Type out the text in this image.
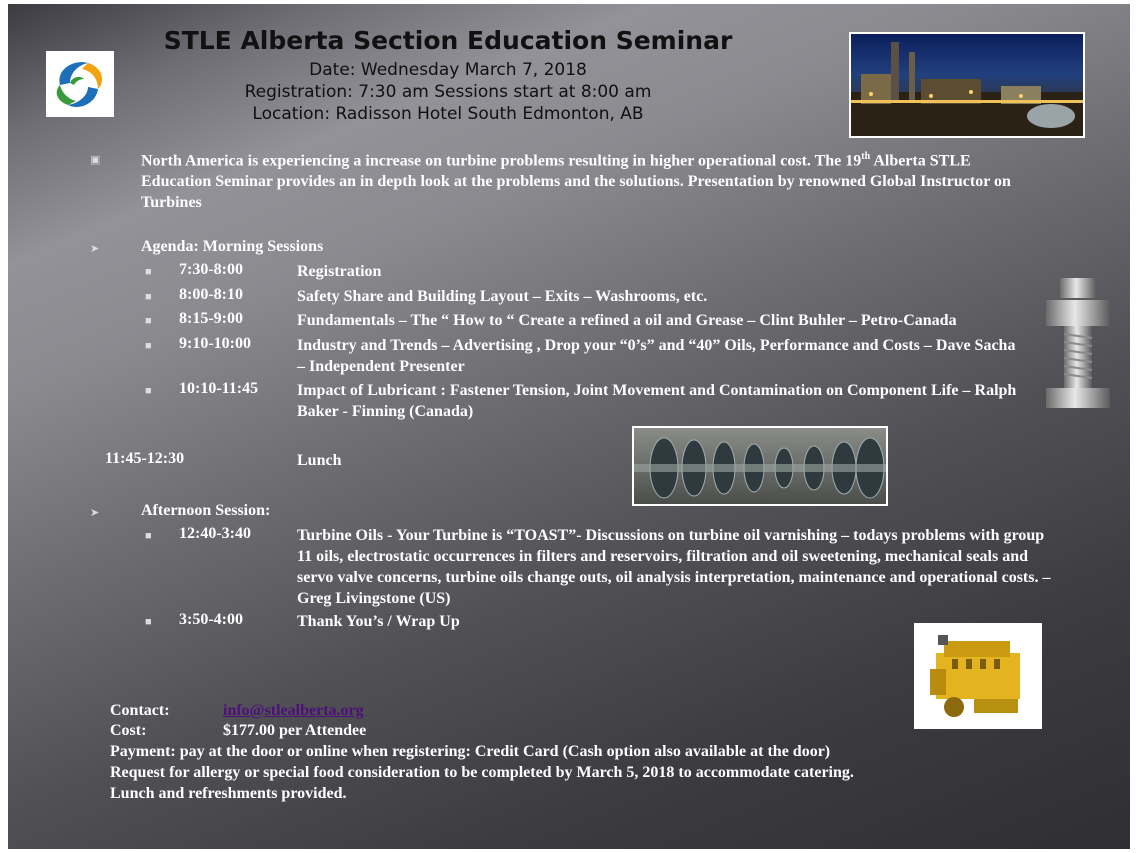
STLE Alberta Section Education Seminar
Date: Wednesday March 7, 2018
Registration: 7:30 am Sessions start at 8:00 am
Location: Radisson Hotel South Edmonton, AB
▣	North America is experiencing a increase on turbine problems resulting in higher operational cost. The 19th Alberta STLE Education Seminar provides an in depth look at the problems and the solutions. Presentation by renowned Global Instructor on Turbines
➤	Agenda: Morning Sessions
■ 7:30-8:00	Registration
■ 8:00-8:10	Safety Share and Building Layout – Exits – Washrooms, etc.
■ 8:15-9:00	Fundamentals – The “ How to “ Create a refined a oil and Grease – Clint Buhler – Petro-Canada
■ 9:10-10:00	Industry and Trends – Advertising , Drop your “0’s” and “40” Oils, Performance and Costs – Dave Sacha – Independent Presenter
■ 10:10-11:45 Impact of Lubricant : Fastener Tension, Joint Movement and Contamination on Component Life – Ralph Baker - Finning (Canada)
11:45-12:30	Lunch
➤	Afternoon Session:
■ 12:40-3:40	Turbine Oils - Your Turbine is “TOAST”- Discussions on turbine oil varnishing – todays problems with group 11 oils, electrostatic occurrences in filters and reservoirs, filtration and oil sweetening, mechanical seals and servo valve concerns, turbine oils change outs, oil analysis interpretation, maintenance and operational costs. – Greg Livingstone (US)
■ 3:50-4:00	Thank You’s / Wrap Up
Contact:	info@stlealberta.org
Cost:	$177.00 per Attendee
Payment: pay at the door or online when registering: Credit Card (Cash option also available at the door)
Request for allergy or special food consideration to be completed by March 5, 2018 to accommodate catering.
Lunch and refreshments provided.
